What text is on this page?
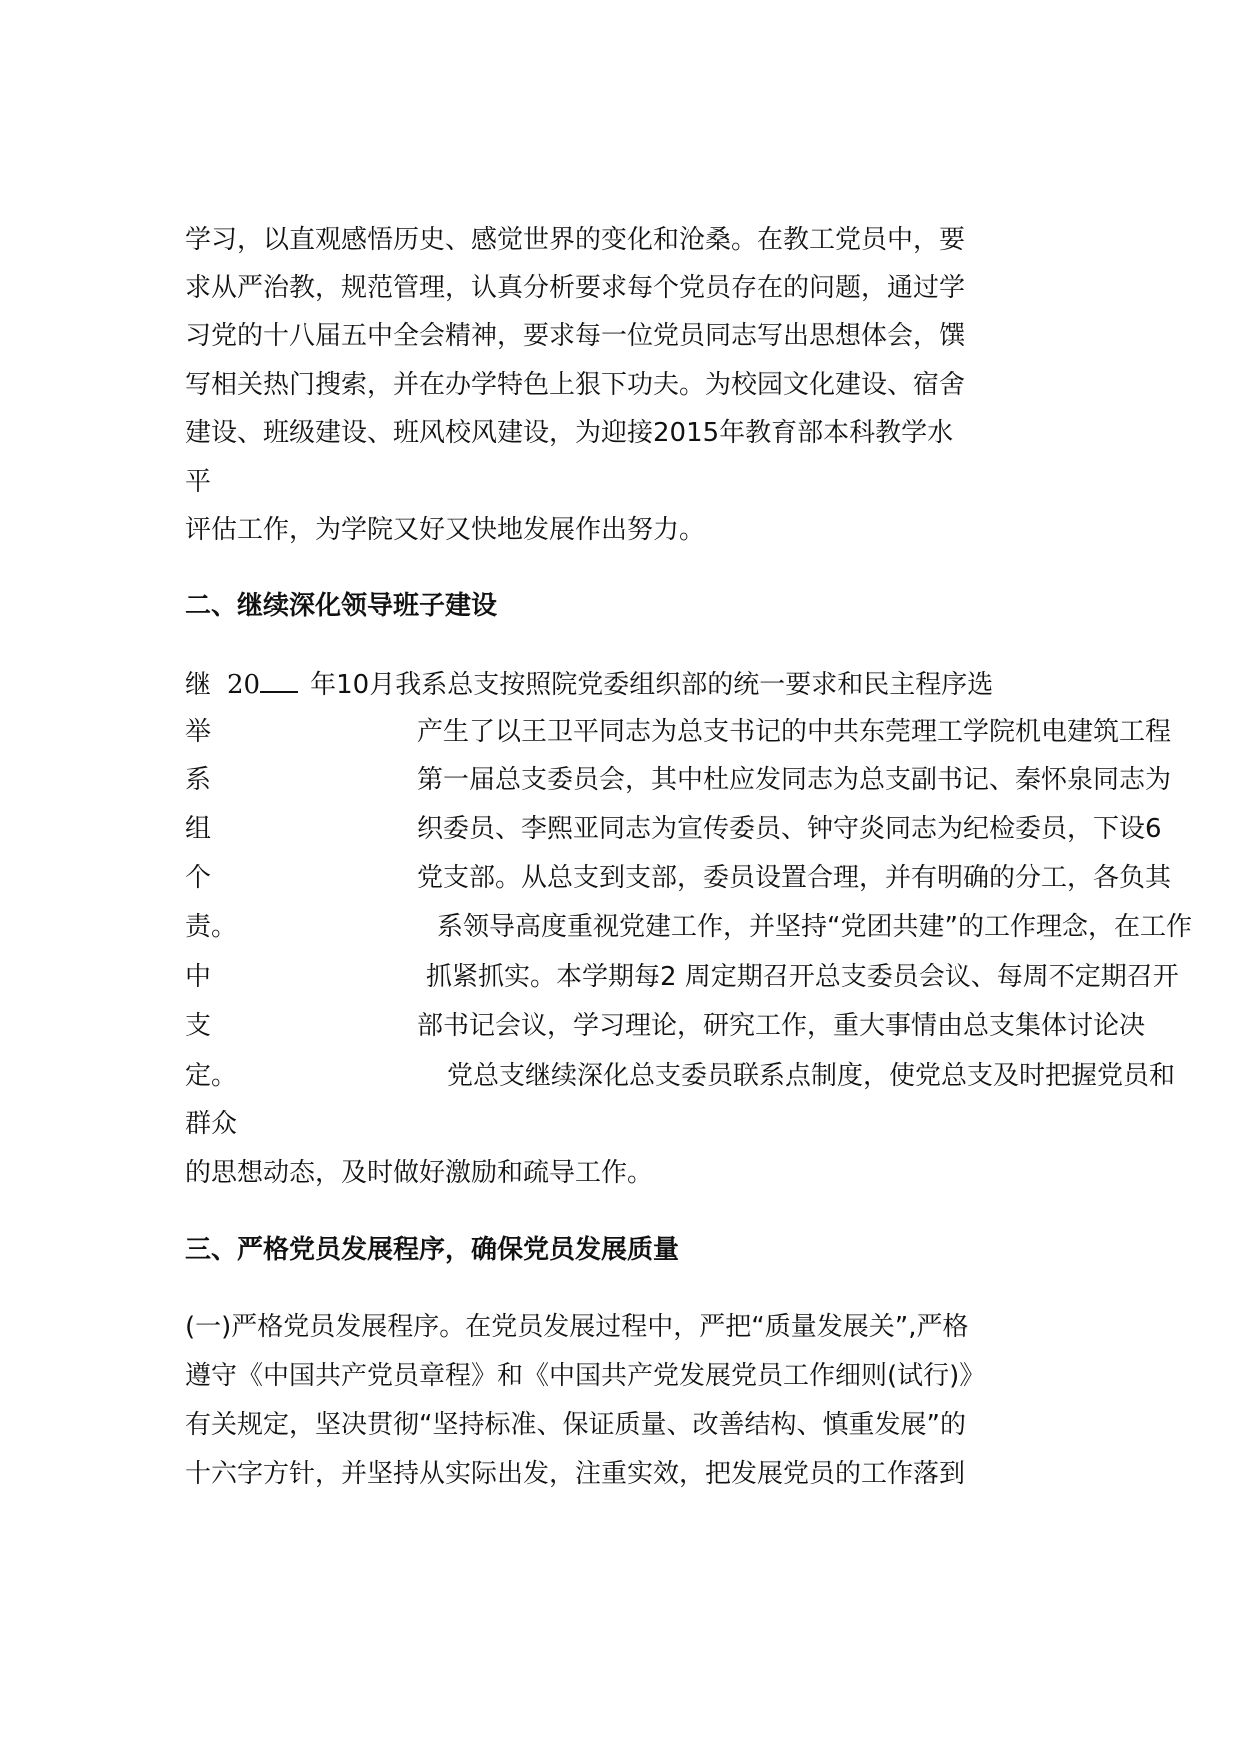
学习，以直观感悟历史、感觉世界的变化和沧桑。在教工党员中，要

求从严治教，规范管理，认真分析要求每个党员存在的问题，通过学

习党的十八届五中全会精神，要求每一位党员同志写出思想体会，馔

写相关热门搜索，并在办学特色上狠下功夫。为校园文化建设、宿舍

建设、班级建设、班风校风建设，为迎接2015年教育部本科教学水

平

评估工作，为学院又好又快地发展作出努力。

二、继续深化领导班子建设

继 20 年10月我系总支按照院党委组织部的统一要求和民主程序选

举	产生了以王卫平同志为总支书记的中共东莞理工学院机电建筑工程
系	第一届总支委员会，其中杜应发同志为总支副书记、秦怀泉同志为
组	织委员、李熙亚同志为宣传委员、钟守炎同志为纪检委员，下设6
个	党支部。从总支到支部，委员设置合理，并有明确的分工，各负其
责。	系领导高度重视党建工作，并坚持“党团共建”的工作理念，在工作
中	抓紧抓实。本学期每2 周定期召开总支委员会议、每周不定期召开
支	部书记会议，学习理论，研究工作，重大事情由总支集体讨论决
定。	党总支继续深化总支委员联系点制度，使党总支及时把握党员和

群众

的思想动态，及时做好激励和疏导工作。

三、严格党员发展程序，确保党员发展质量

(一)严格党员发展程序。在党员发展过程中，严把“质量发展关”,严格

遵守《中国共产党员章程》和《中国共产党发展党员工作细则(试行)》

有关规定，坚决贯彻“坚持标准、保证质量、改善结构、慎重发展”的

十六字方针，并坚持从实际出发，注重实效，把发展党员的工作落到
